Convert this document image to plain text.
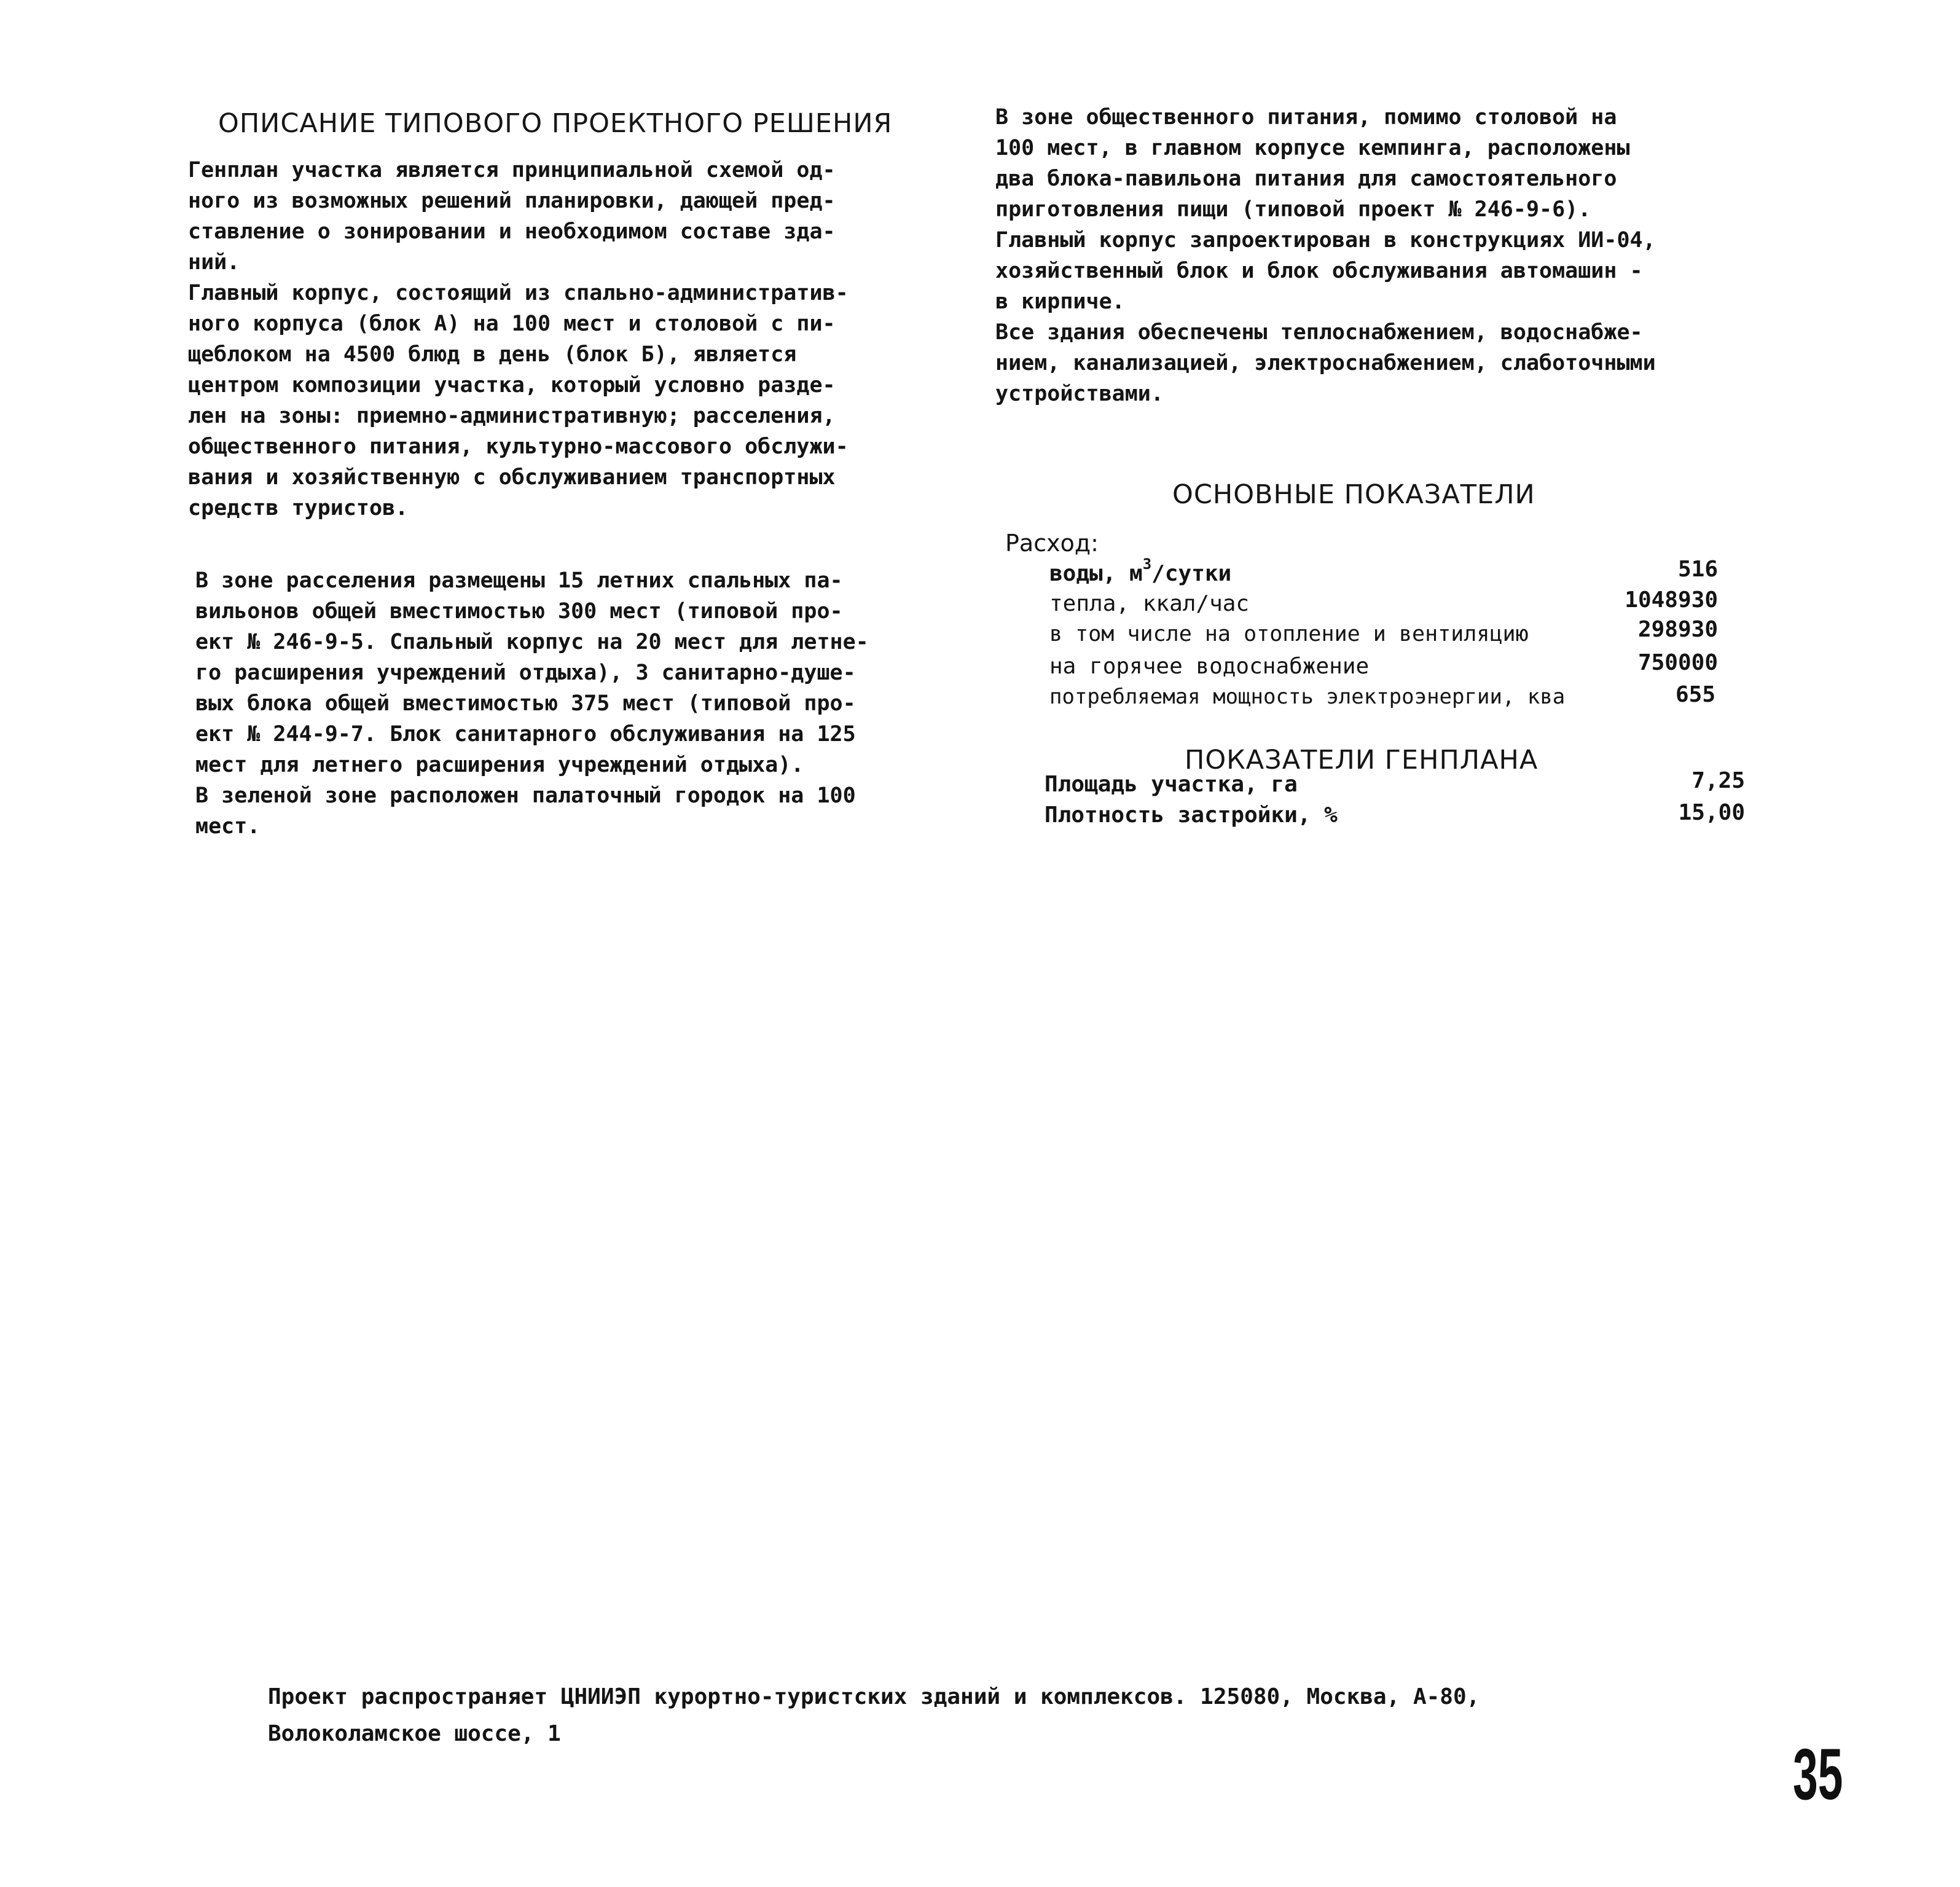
ОПИСАНИЕ ТИПОВОГО ПРОЕКТНОГО РЕШЕНИЯ
Генплан участка является принципиальной схемой од-
ного из возможных решений планировки, дающей пред-
ставление о зонировании и необходимом составе зда-
ний.
Главный корпус, состоящий из спально-административ-
ного корпуса (блок А) на 100 мест и столовой с пи-
щеблоком на 4500 блюд в день (блок Б), является
центром композиции участка, который условно разде-
лен на зоны: приемно-административную; расселения,
общественного питания, культурно-массового обслужи-
вания и хозяйственную с обслуживанием транспортных
средств туристов.
В зоне расселения размещены 15 летних спальных па-
вильонов общей вместимостью 300 мест (типовой про-
ект № 246-9-5. Спальный корпус на 20 мест для летне-
го расширения учреждений отдыха), 3 санитарно-душе-
вых блока общей вместимостью 375 мест (типовой про-
ект № 244-9-7. Блок санитарного обслуживания на 125
мест для летнего расширения учреждений отдыха).
В зеленой зоне расположен палаточный городок на 100
мест.
В зоне общественного питания, помимо столовой на
100 мест, в главном корпусе кемпинга, расположены
два блока-павильона питания для самостоятельного
приготовления пищи (типовой проект № 246-9-6).
Главный корпус запроектирован в конструкциях ИИ-04,
хозяйственный блок и блок обслуживания автомашин -
в кирпиче.
Все здания обеспечены теплоснабжением, водоснабже-
нием, канализацией, электроснабжением, слаботочными
устройствами.
ОСНОВНЫЕ ПОКАЗАТЕЛИ
Расход:
воды, $м^3$/сутки	516
тепла, ккал/час	1048930
в том числе на отопление и вентиляцию	298930
на горячее водоснабжение	750000
потребляемая мощность электроэнергии, ква	655
ПОКАЗАТЕЛИ ГЕНПЛАНА
Площадь участка, га	7,25
Плотность застройки, %	15,00
Проект распространяет ЦНИИЭП курортно-туристских зданий и комплексов. 125080, Москва, А-80,
Волоколамское шоссе, 1
35
